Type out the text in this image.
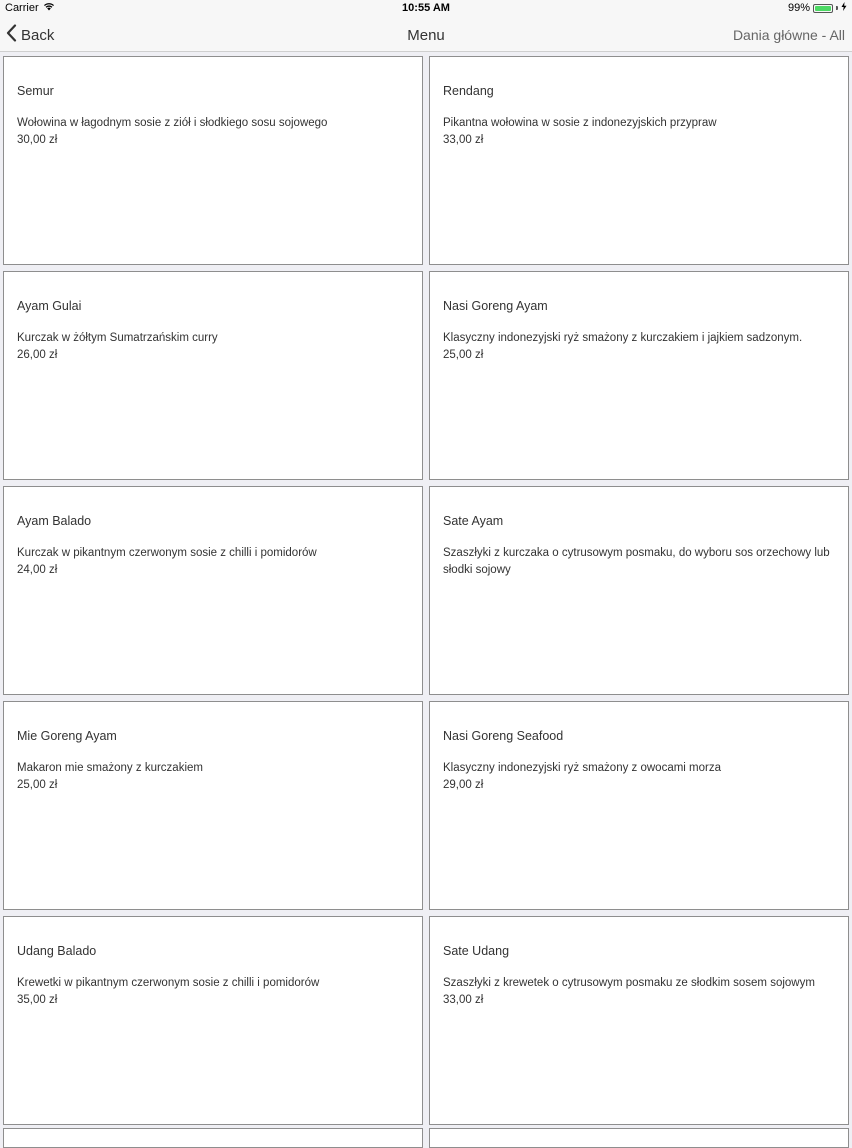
Carrier	10:55 AM	99%
Back	Menu	Dania główne - All
Semur
Wołowina w łagodnym sosie z ziół i słodkiego sosu sojowego
30,00 zł
Rendang
Pikantna wołowina w sosie z indonezyjskich przypraw
33,00 zł
Ayam Gulai
Kurczak w żółtym Sumatrzańskim curry
26,00 zł
Nasi Goreng Ayam
Klasyczny indonezyjski ryż smażony z kurczakiem i jajkiem sadzonym.
25,00 zł
Ayam Balado
Kurczak w pikantnym czerwonym sosie z chilli i pomidorów
24,00 zł
Sate Ayam
Szaszłyki z kurczaka o cytrusowym posmaku, do wyboru sos orzechowy lub słodki sojowy
Mie Goreng Ayam
Makaron mie smażony z kurczakiem
25,00 zł
Nasi Goreng Seafood
Klasyczny indonezyjski ryż smażony z owocami morza
29,00 zł
Udang Balado
Krewetki w pikantnym czerwonym sosie z chilli i pomidorów
35,00 zł
Sate Udang
Szaszłyki z krewetek o cytrusowym posmaku ze słodkim sosem sojowym
33,00 zł
